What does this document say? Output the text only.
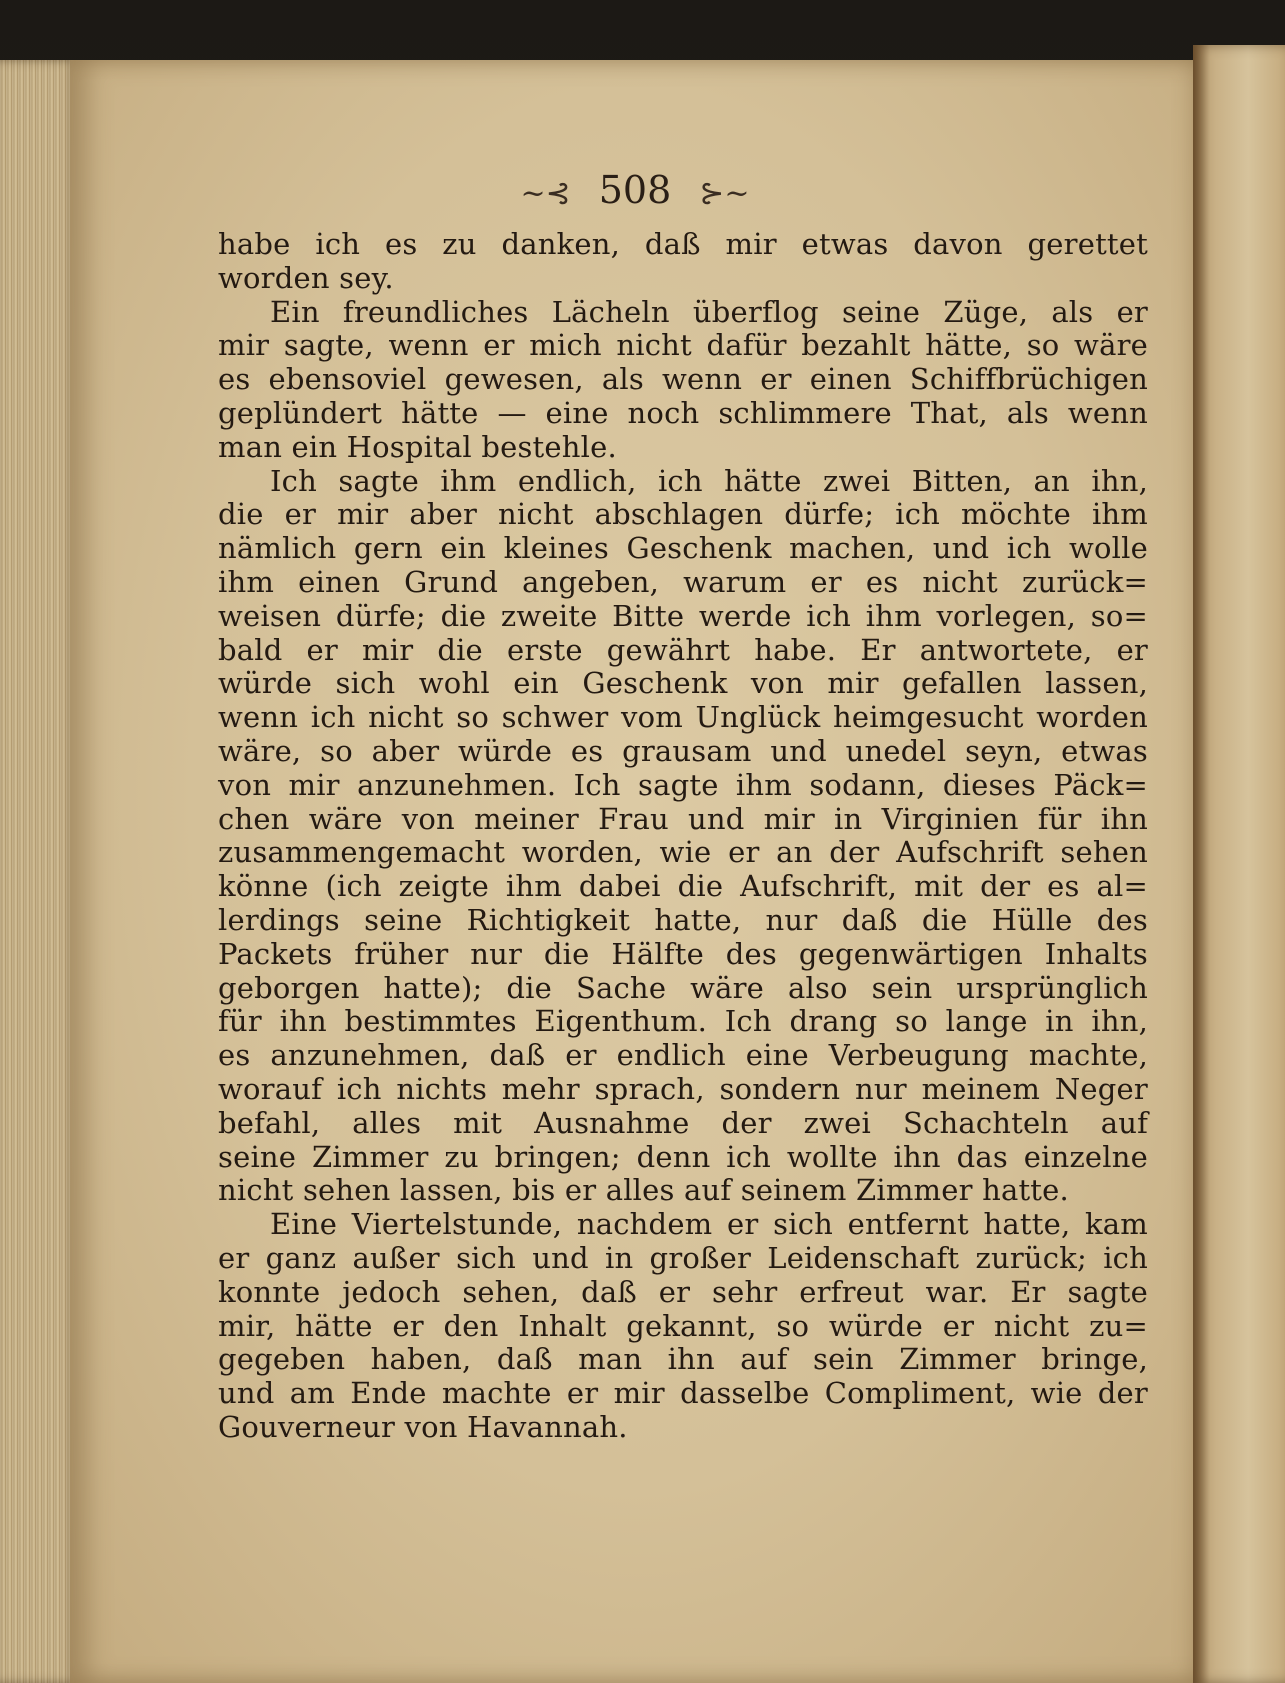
~⊰ 508 ⊱~
habe ich es zu danken, daß mir etwas davon gerettet
worden sey.
Ein freundliches Lächeln überflog seine Züge, als er
mir sagte, wenn er mich nicht dafür bezahlt hätte, so wäre
es ebensoviel gewesen, als wenn er einen Schiffbrüchigen
geplündert hätte — eine noch schlimmere That, als wenn
man ein Hospital bestehle.
Ich sagte ihm endlich, ich hätte zwei Bitten, an ihn,
die er mir aber nicht abschlagen dürfe; ich möchte ihm
nämlich gern ein kleines Geschenk machen, und ich wolle
ihm einen Grund angeben, warum er es nicht zurück=
weisen dürfe; die zweite Bitte werde ich ihm vorlegen, so=
bald er mir die erste gewährt habe. Er antwortete, er
würde sich wohl ein Geschenk von mir gefallen lassen,
wenn ich nicht so schwer vom Unglück heimgesucht worden
wäre, so aber würde es grausam und unedel seyn, etwas
von mir anzunehmen. Ich sagte ihm sodann, dieses Päck=
chen wäre von meiner Frau und mir in Virginien für ihn
zusammengemacht worden, wie er an der Aufschrift sehen
könne (ich zeigte ihm dabei die Aufschrift, mit der es al=
lerdings seine Richtigkeit hatte, nur daß die Hülle des
Packets früher nur die Hälfte des gegenwärtigen Inhalts
geborgen hatte); die Sache wäre also sein ursprünglich
für ihn bestimmtes Eigenthum. Ich drang so lange in ihn,
es anzunehmen, daß er endlich eine Verbeugung machte,
worauf ich nichts mehr sprach, sondern nur meinem Neger
befahl, alles mit Ausnahme der zwei Schachteln auf
seine Zimmer zu bringen; denn ich wollte ihn das einzelne
nicht sehen lassen, bis er alles auf seinem Zimmer hatte.
Eine Viertelstunde, nachdem er sich entfernt hatte, kam
er ganz außer sich und in großer Leidenschaft zurück; ich
konnte jedoch sehen, daß er sehr erfreut war. Er sagte
mir, hätte er den Inhalt gekannt, so würde er nicht zu=
gegeben haben, daß man ihn auf sein Zimmer bringe,
und am Ende machte er mir dasselbe Compliment, wie der
Gouverneur von Havannah.
